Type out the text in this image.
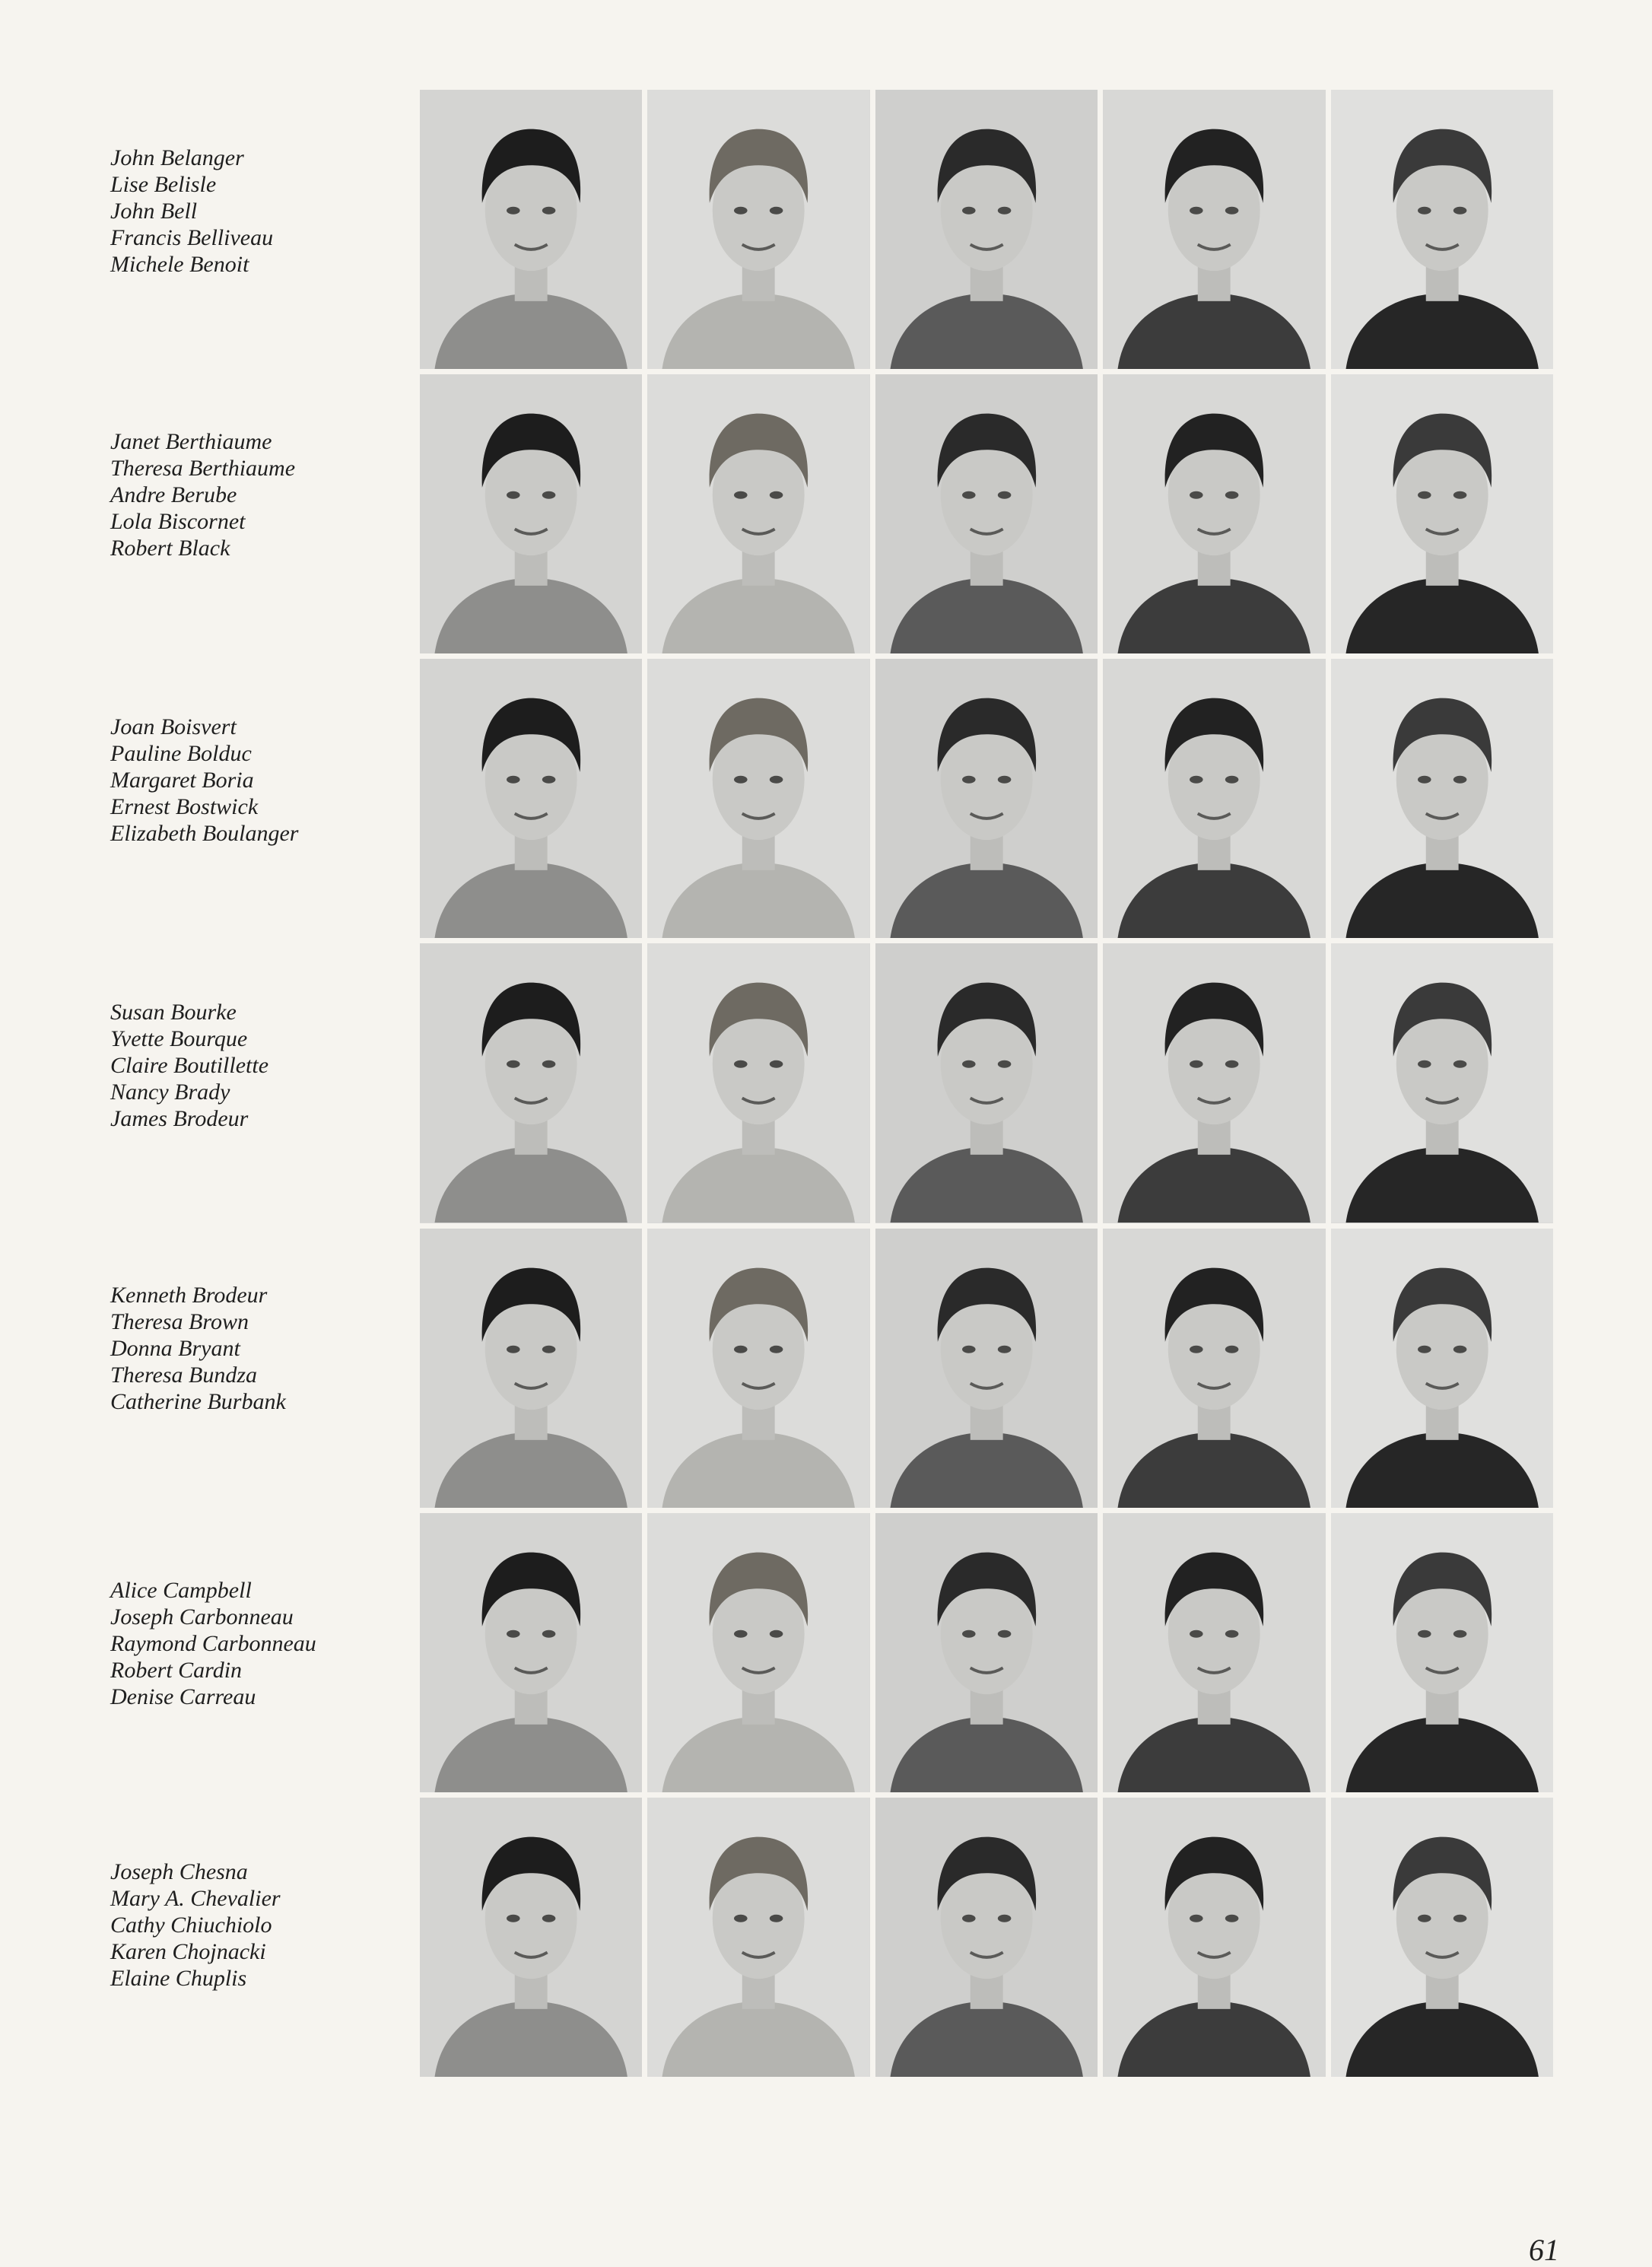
John Belanger
Lise Belisle
John Bell
Francis Belliveau
Michele Benoit
Janet Berthiaume
Theresa Berthiaume
Andre Berube
Lola Biscornet
Robert Black
Joan Boisvert
Pauline Bolduc
Margaret Boria
Ernest Bostwick
Elizabeth Boulanger
Susan Bourke
Yvette Bourque
Claire Boutillette
Nancy Brady
James Brodeur
Kenneth Brodeur
Theresa Brown
Donna Bryant
Theresa Bundza
Catherine Burbank
Alice Campbell
Joseph Carbonneau
Raymond Carbonneau
Robert Cardin
Denise Carreau
Joseph Chesna
Mary A. Chevalier
Cathy Chiuchiolo
Karen Chojnacki
Elaine Chuplis
61
